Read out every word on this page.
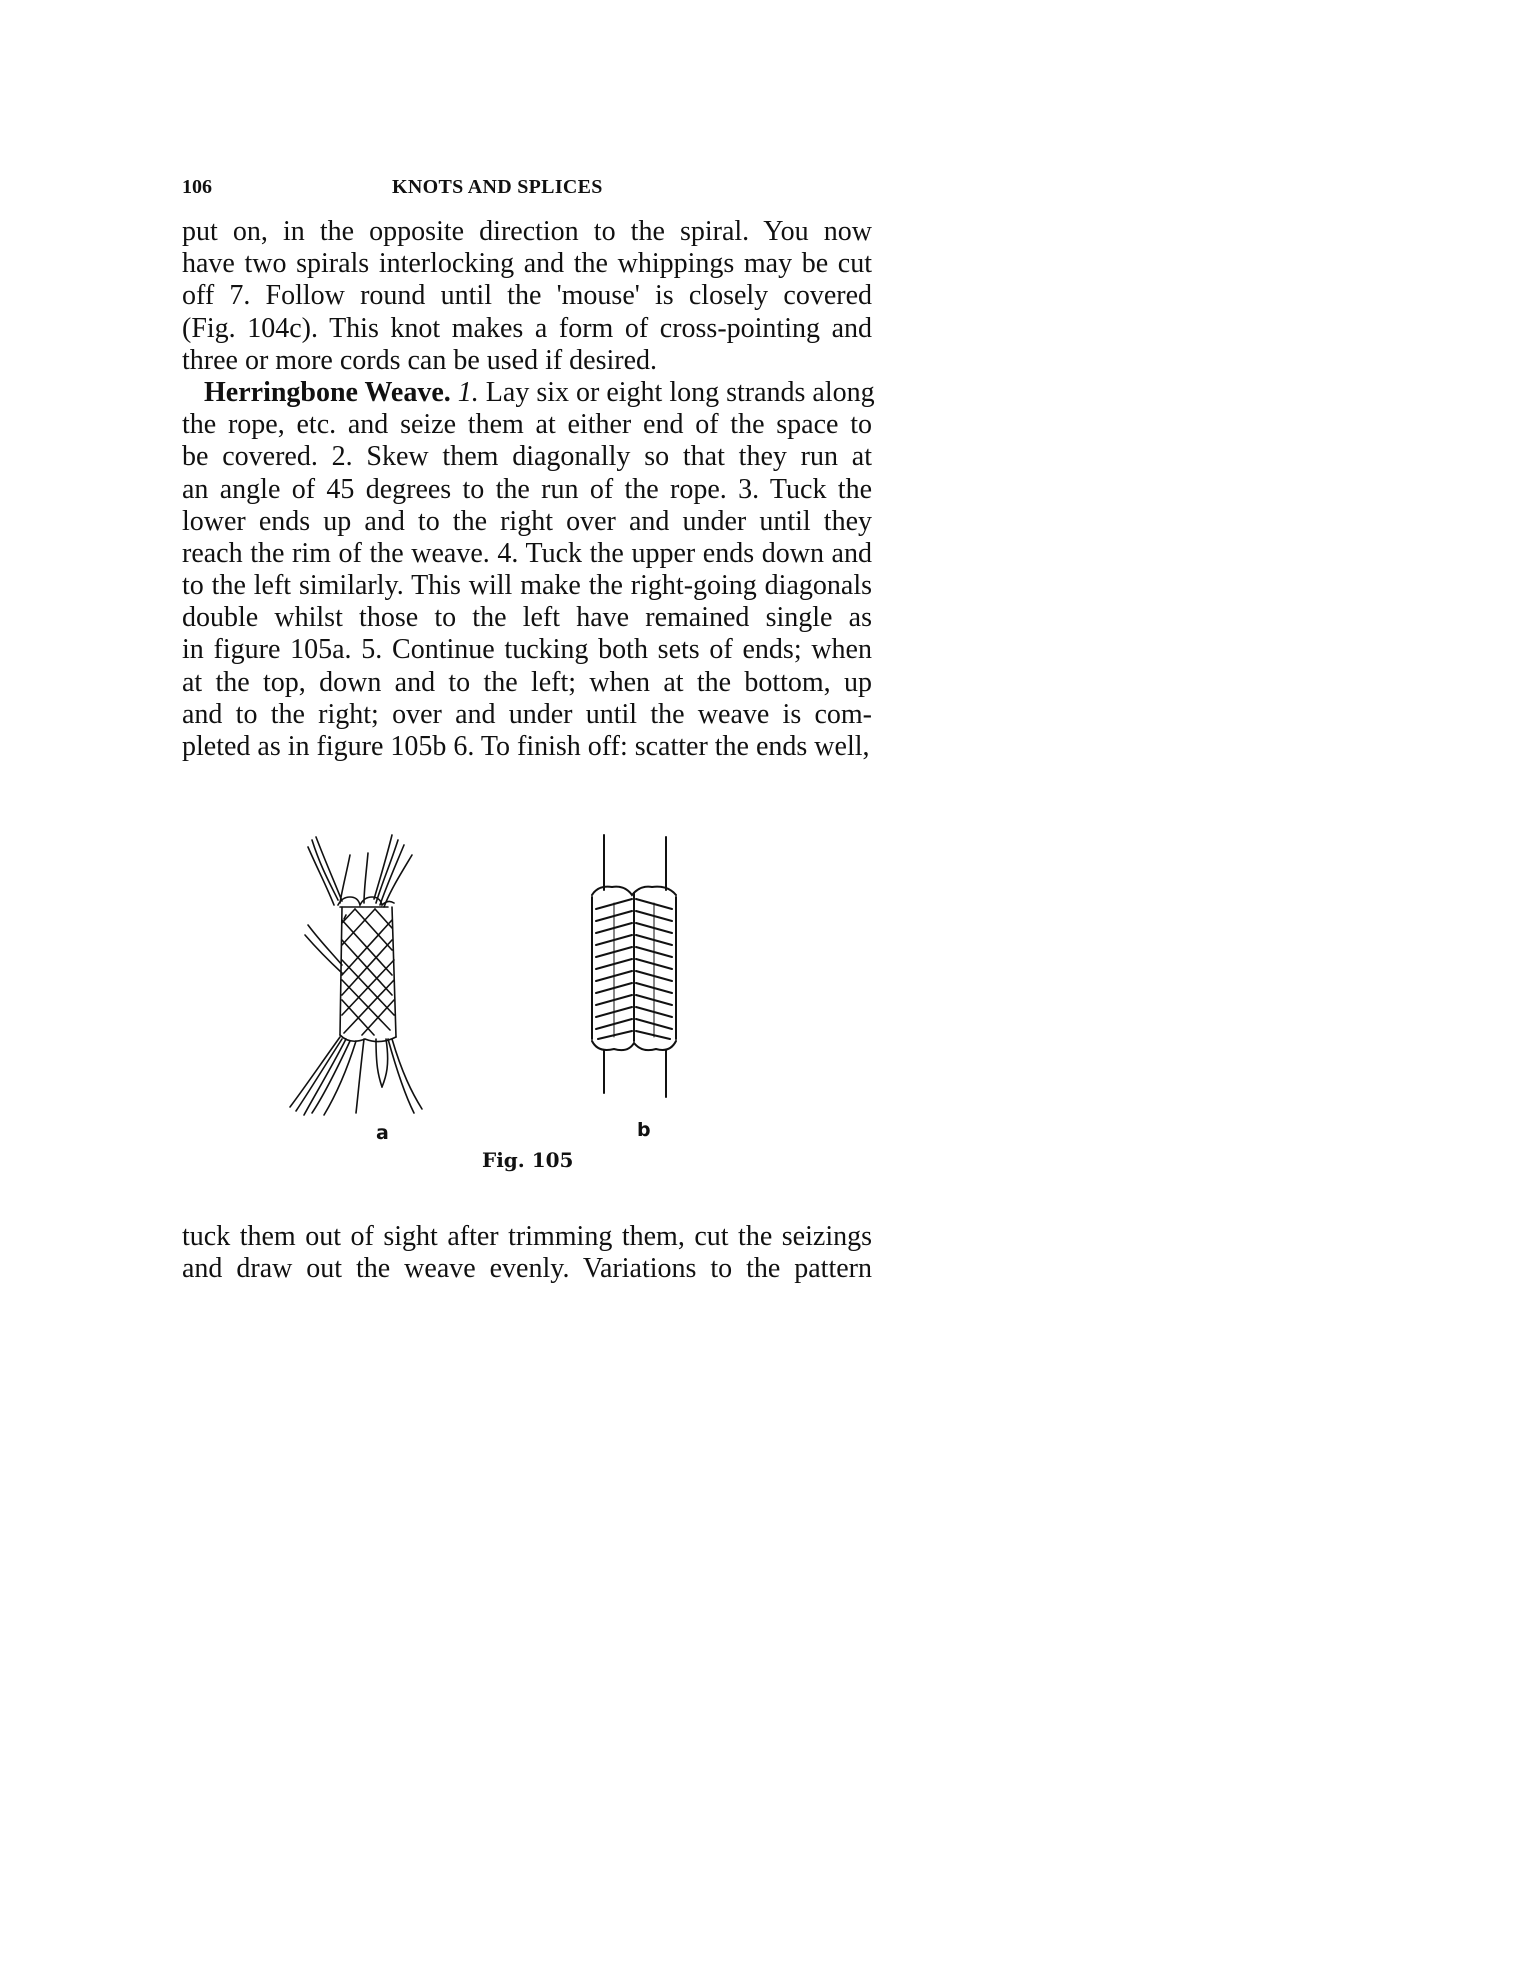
106	KNOTS AND SPLICES
put on, in the opposite direction to the spiral. You now
have two spirals interlocking and the whippings may be cut
off 7. Follow round until the 'mouse' is closely covered
(Fig. 104c). This knot makes a form of cross-pointing and
three or more cords can be used if desired.
Herringbone Weave. 1. Lay six or eight long strands along
the rope, etc. and seize them at either end of the space to
be covered. 2. Skew them diagonally so that they run at
an angle of 45 degrees to the run of the rope. 3. Tuck the
lower ends up and to the right over and under until they
reach the rim of the weave. 4. Tuck the upper ends down and
to the left similarly. This will make the right-going diagonals
double whilst those to the left have remained single as
in figure 105a. 5. Continue tucking both sets of ends; when
at the top, down and to the left; when at the bottom, up
and to the right; over and under until the weave is com-
pleted as in figure 105b 6. To finish off: scatter the ends well,
a	b
Fig. 105
tuck them out of sight after trimming them, cut the seizings
and draw out the weave evenly. Variations to the pattern
